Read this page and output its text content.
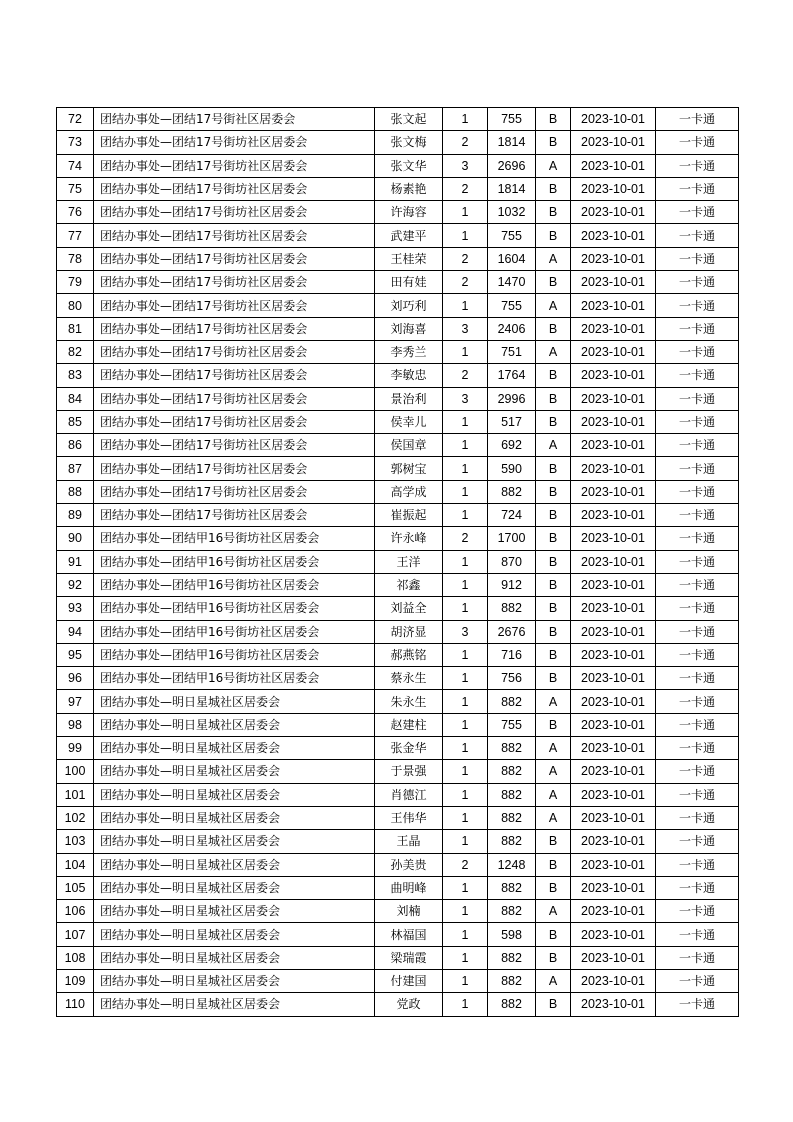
72	团结办事处—团结17号街社区居委会	张文起	1	755	B	2023-10-01	一卡通
73	团结办事处—团结17号街坊社区居委会	张文梅	2	1814	B	2023-10-01	一卡通
74	团结办事处—团结17号街坊社区居委会	张文华	3	2696	A	2023-10-01	一卡通
75	团结办事处—团结17号街坊社区居委会	杨素艳	2	1814	B	2023-10-01	一卡通
76	团结办事处—团结17号街坊社区居委会	许海容	1	1032	B	2023-10-01	一卡通
77	团结办事处—团结17号街坊社区居委会	武建平	1	755	B	2023-10-01	一卡通
78	团结办事处—团结17号街坊社区居委会	王桂荣	2	1604	A	2023-10-01	一卡通
79	团结办事处—团结17号街坊社区居委会	田有娃	2	1470	B	2023-10-01	一卡通
80	团结办事处—团结17号街坊社区居委会	刘巧利	1	755	A	2023-10-01	一卡通
81	团结办事处—团结17号街坊社区居委会	刘海喜	3	2406	B	2023-10-01	一卡通
82	团结办事处—团结17号街坊社区居委会	李秀兰	1	751	A	2023-10-01	一卡通
83	团结办事处—团结17号街坊社区居委会	李敏忠	2	1764	B	2023-10-01	一卡通
84	团结办事处—团结17号街坊社区居委会	景治利	3	2996	B	2023-10-01	一卡通
85	团结办事处—团结17号街坊社区居委会	侯幸儿	1	517	B	2023-10-01	一卡通
86	团结办事处—团结17号街坊社区居委会	侯国章	1	692	A	2023-10-01	一卡通
87	团结办事处—团结17号街坊社区居委会	郭树宝	1	590	B	2023-10-01	一卡通
88	团结办事处—团结17号街坊社区居委会	高学成	1	882	B	2023-10-01	一卡通
89	团结办事处—团结17号街坊社区居委会	崔振起	1	724	B	2023-10-01	一卡通
90	团结办事处—团结甲16号街坊社区居委会	许永峰	2	1700	B	2023-10-01	一卡通
91	团结办事处—团结甲16号街坊社区居委会	王洋	1	870	B	2023-10-01	一卡通
92	团结办事处—团结甲16号街坊社区居委会	祁鑫	1	912	B	2023-10-01	一卡通
93	团结办事处—团结甲16号街坊社区居委会	刘益全	1	882	B	2023-10-01	一卡通
94	团结办事处—团结甲16号街坊社区居委会	胡济显	3	2676	B	2023-10-01	一卡通
95	团结办事处—团结甲16号街坊社区居委会	郝燕铭	1	716	B	2023-10-01	一卡通
96	团结办事处—团结甲16号街坊社区居委会	蔡永生	1	756	B	2023-10-01	一卡通
97	团结办事处—明日星城社区居委会	朱永生	1	882	A	2023-10-01	一卡通
98	团结办事处—明日星城社区居委会	赵建柱	1	755	B	2023-10-01	一卡通
99	团结办事处—明日星城社区居委会	张金华	1	882	A	2023-10-01	一卡通
100	团结办事处—明日星城社区居委会	于景强	1	882	A	2023-10-01	一卡通
101	团结办事处—明日星城社区居委会	肖德江	1	882	A	2023-10-01	一卡通
102	团结办事处—明日星城社区居委会	王伟华	1	882	A	2023-10-01	一卡通
103	团结办事处—明日星城社区居委会	王晶	1	882	B	2023-10-01	一卡通
104	团结办事处—明日星城社区居委会	孙美贵	2	1248	B	2023-10-01	一卡通
105	团结办事处—明日星城社区居委会	曲明峰	1	882	B	2023-10-01	一卡通
106	团结办事处—明日星城社区居委会	刘楠	1	882	A	2023-10-01	一卡通
107	团结办事处—明日星城社区居委会	林福国	1	598	B	2023-10-01	一卡通
108	团结办事处—明日星城社区居委会	梁瑞霞	1	882	B	2023-10-01	一卡通
109	团结办事处—明日星城社区居委会	付建国	1	882	A	2023-10-01	一卡通
110	团结办事处—明日星城社区居委会	党政	1	882	B	2023-10-01	一卡通
